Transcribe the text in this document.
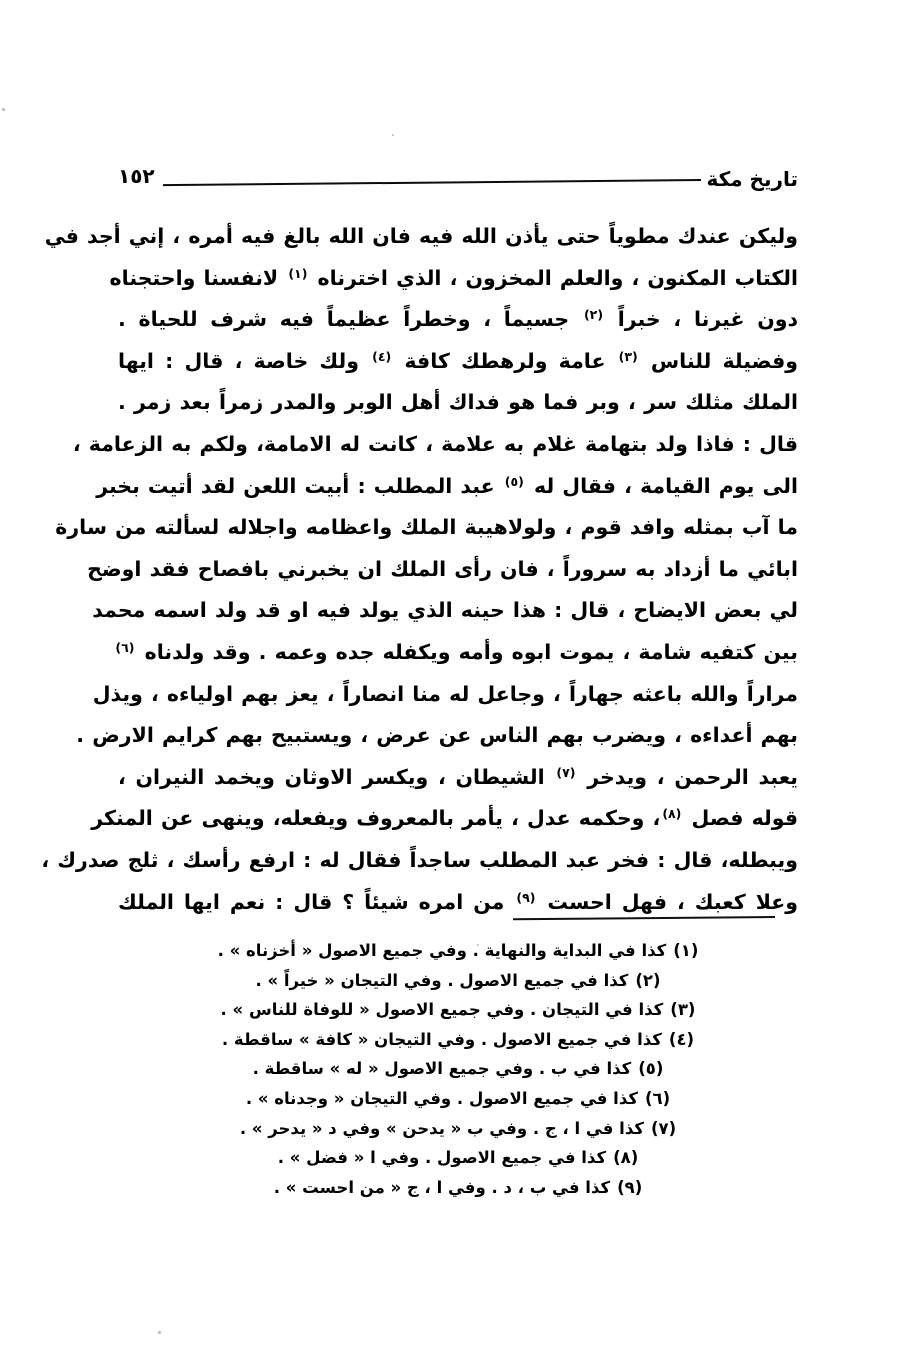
تاريخ مكة
١٥٢
وليكن عندك مطوياً حتى يأذن الله فيه فان الله بالغ فيه أمره ، إني أجد في
الكتاب المكنون ، والعلم المخزون ، الذي اخترناه $^{(١)}$ لانفسنا واحتجناه
دون غيرنا ، خبراً $^{(٢)}$ جسيماً ، وخطراً عظيماً فيه شرف للحياة .
وفضيلة للناس $^{(٣)}$ عامة ولرهطك كافة $^{(٤)}$ ولك خاصة ، قال : ايها
الملك مثلك سر ، وبر فما هو فداك أهل الوبر والمدر زمراً بعد زمر .
قال : فاذا ولد بتهامة غلام به علامة ، كانت له الامامة، ولكم به الزعامة ،
الى يوم القيامة ، فقال له $^{(٥)}$ عبد المطلب : أبيت اللعن لقد أتيت بخبر
ما آب بمثله وافد قوم ، ولولاهيبة الملك واعظامه واجلاله لسألته من سارة
ابائي ما أزداد به سروراً ، فان رأى الملك ان يخبرني بافصاح فقد اوضح
لي بعض الايضاح ، قال : هذا حينه الذي يولد فيه او قد ولد اسمه محمد
بين كتفيه شامة ، يموت ابوه وأمه ويكفله جده وعمه . وقد ولدناه $^{(٦)}$
مراراً والله باعثه جهاراً ، وجاعل له منا انصاراً ، يعز بهم اولياءه ، ويذل
بهم أعداءه ، ويضرب بهم الناس عن عرض ، ويستبيح بهم كرايم الارض .
يعبد الرحمن ، ويدخر $^{(٧)}$ الشيطان ، ويكسر الاوثان ويخمد النيران ،
قوله فصل $^{(٨)}$، وحكمه عدل ، يأمر بالمعروف ويفعله، وينهى عن المنكر
ويبطله، قال : فخر عبد المطلب ساجداً فقال له : ارفع رأسك ، ثلج صدرك ،
وعلا كعبك ، فهل احست $^{(٩)}$ من امره شيئاً ؟ قال : نعم ايها الملك
(١)كذا في البداية والنهاية . وفي جميع الاصول « أخزناه » .
(٢)كذا في جميع الاصول . وفي التيجان « خيراً » .
(٣)كذا في التيجان . وفي جميع الاصول « للوفاة للناس » .
(٤)كذا في جميع الاصول . وفي التيجان « كافة » ساقطة .
(٥)كذا في ب . وفي جميع الاصول « له » ساقطة .
(٦)كذا في جميع الاصول . وفي التيجان « وجدناه » .
(٧)كذا في ا ، ج . وفي ب « يدحن » وفي د « يدحر » .
(٨)كذا في جميع الاصول . وفي ا « فضل » .
(٩)كذا في ب ، د . وفي ا ، ج « من احست » .
